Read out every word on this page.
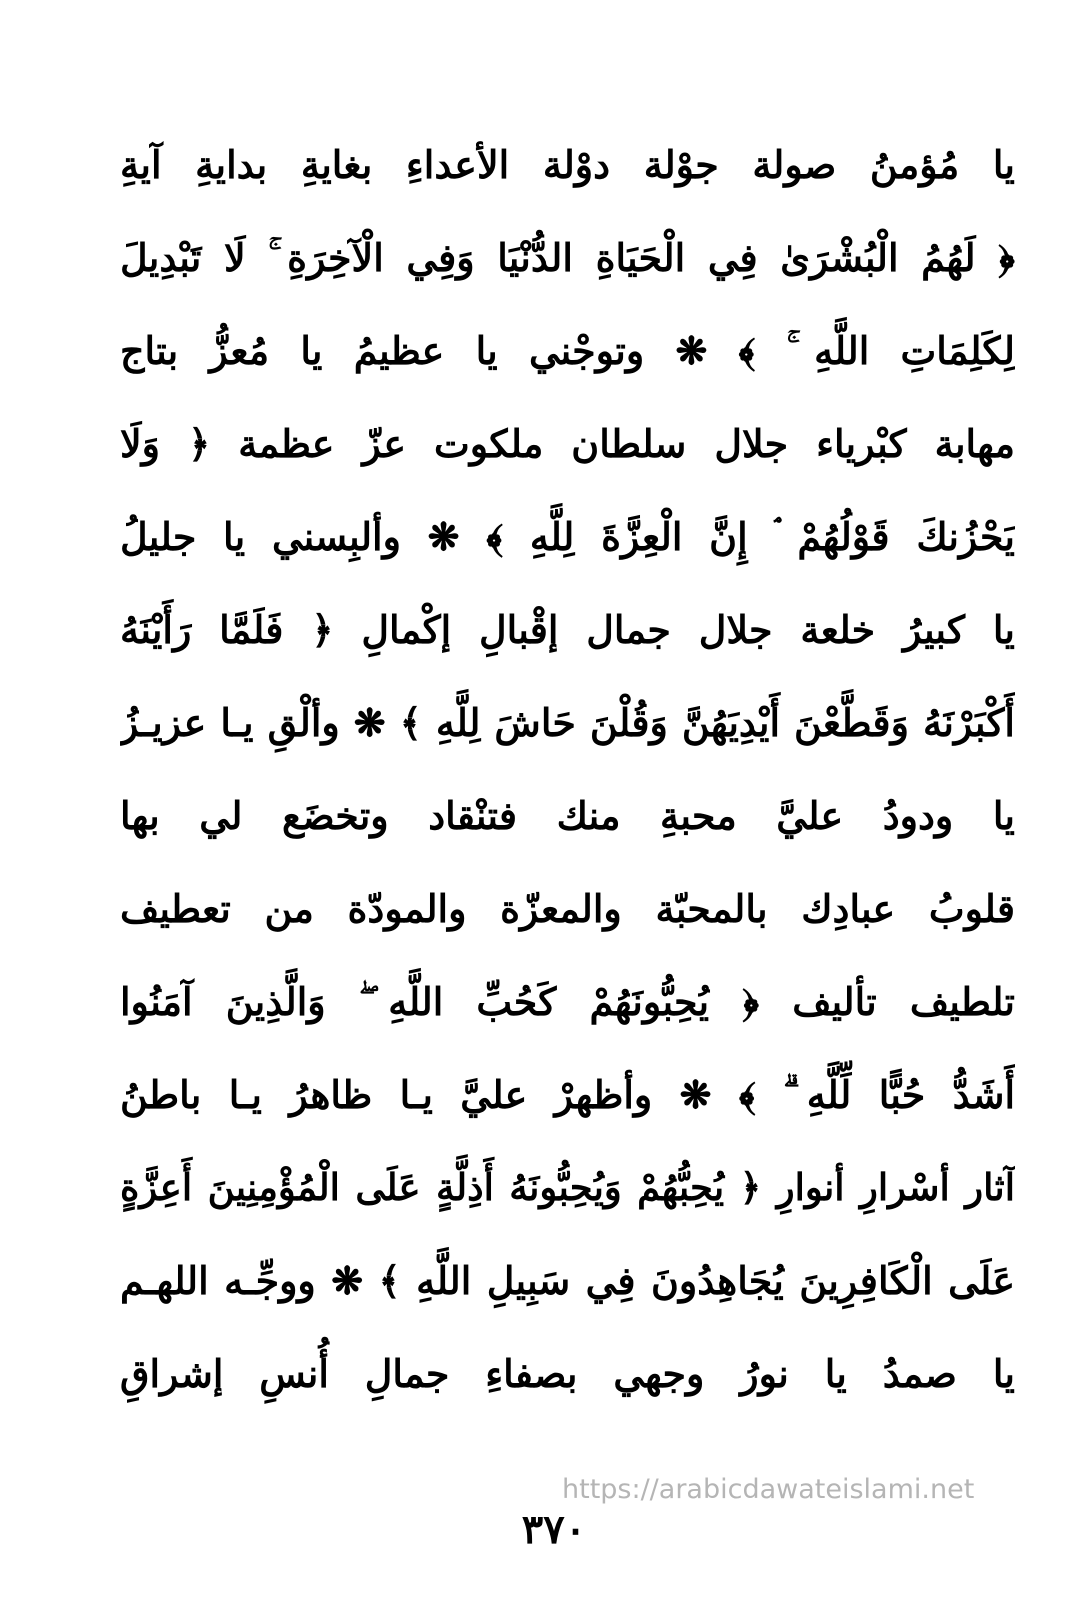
يا مُؤمنُ صولة جوْلة دوْلة الأعداءِ بغايةِ بدايةِ آيةِ
﴿ لَهُمُ الْبُشْرَىٰ فِي الْحَيَاةِ الدُّنْيَا وَفِي الْآخِرَةِ ۚ لَا تَبْدِيلَ
لِكَلِمَاتِ اللَّهِ ۚ ﴾ ❋ وتوجْني يا عظيمُ يا مُعزُّ بتاج
مهابة كبْرياء جلال سلطان ملكوت عزّ عظمة ﴿ وَلَا
يَحْزُنكَ قَوْلُهُمْ ۘ إِنَّ الْعِزَّةَ لِلَّهِ ﴾ ❋ وألبِسني يا جليلُ
يا كبيرُ خلعة جلال جمال إقْبالِ إكْمالِ ﴿ فَلَمَّا رَأَيْنَهُ
أَكْبَرْنَهُ وَقَطَّعْنَ أَيْدِيَهُنَّ وَقُلْنَ حَاشَ لِلَّهِ ﴾ ❋ وألْقِ يـا عزيـزُ
يا ودودُ عليَّ محبةِ منك فتنْقاد وتخضَع لي بها
قلوبُ عبادِك بالمحبّة والمعزّة والمودّة من تعطيف
تلطيف تأليف ﴿ يُحِبُّونَهُمْ كَحُبِّ اللَّهِ ۖ وَالَّذِينَ آمَنُوا
أَشَدُّ حُبًّا لِّلَّهِ ۗ ﴾ ❋ وأظهرْ عليَّ يـا ظاهرُ يـا باطنُ
آثار أسْرارِ أنوارِ ﴿ يُحِبُّهُمْ وَيُحِبُّونَهُ أَذِلَّةٍ عَلَى الْمُؤْمِنِينَ أَعِزَّةٍ
عَلَى الْكَافِرِينَ يُجَاهِدُونَ فِي سَبِيلِ اللَّهِ ﴾ ❋ ووجِّـه اللهـم
يا صمدُ يا نورُ وجهي بصفاءِ جمالِ أُنسِ إشراقِ
https://arabicdawateislami.net
٣٧٠
